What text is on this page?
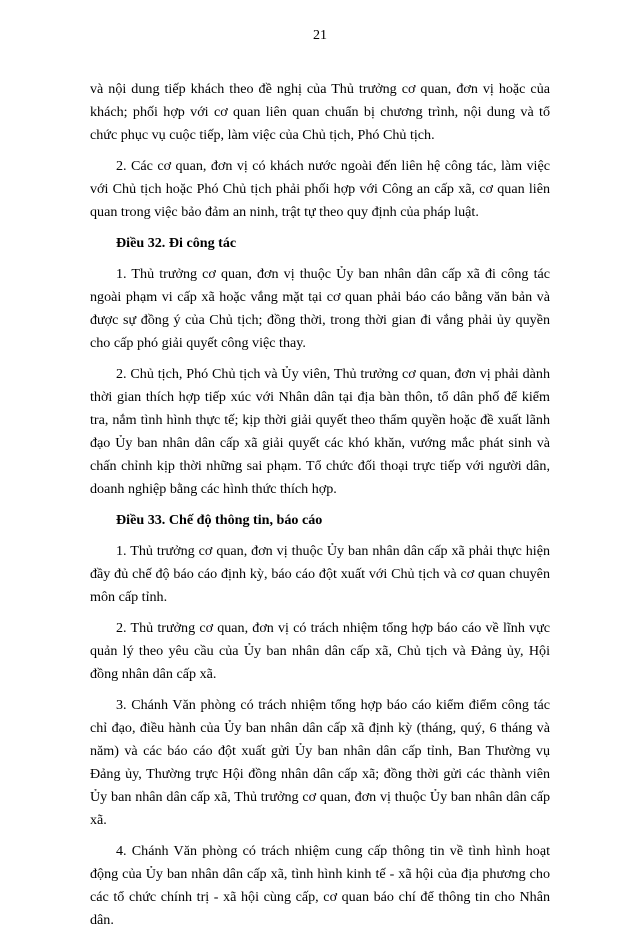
21

và nội dung tiếp khách theo đề nghị của Thủ trưởng cơ quan, đơn vị hoặc của khách; phối hợp với cơ quan liên quan chuẩn bị chương trình, nội dung và tổ chức phục vụ cuộc tiếp, làm việc của Chủ tịch, Phó Chủ tịch.

2. Các cơ quan, đơn vị có khách nước ngoài đến liên hệ công tác, làm việc với Chủ tịch hoặc Phó Chủ tịch phải phối hợp với Công an cấp xã, cơ quan liên quan trong việc bảo đảm an ninh, trật tự theo quy định của pháp luật.

Điều 32. Đi công tác

1. Thủ trưởng cơ quan, đơn vị thuộc Ủy ban nhân dân cấp xã đi công tác ngoài phạm vi cấp xã hoặc vắng mặt tại cơ quan phải báo cáo bằng văn bản và được sự đồng ý của Chủ tịch; đồng thời, trong thời gian đi vắng phải ủy quyền cho cấp phó giải quyết công việc thay.

2. Chủ tịch, Phó Chủ tịch và Ủy viên, Thủ trưởng cơ quan, đơn vị phải dành thời gian thích hợp tiếp xúc với Nhân dân tại địa bàn thôn, tổ dân phố để kiểm tra, nắm tình hình thực tế; kịp thời giải quyết theo thẩm quyền hoặc đề xuất lãnh đạo Ủy ban nhân dân cấp xã giải quyết các khó khăn, vướng mắc phát sinh và chấn chỉnh kịp thời những sai phạm. Tổ chức đối thoại trực tiếp với người dân, doanh nghiệp bằng các hình thức thích hợp.

Điều 33. Chế độ thông tin, báo cáo

1. Thủ trưởng cơ quan, đơn vị thuộc Ủy ban nhân dân cấp xã phải thực hiện đầy đủ chế độ báo cáo định kỳ, báo cáo đột xuất với Chủ tịch và cơ quan chuyên môn cấp tỉnh.

2. Thủ trưởng cơ quan, đơn vị có trách nhiệm tổng hợp báo cáo về lĩnh vực quản lý theo yêu cầu của Ủy ban nhân dân cấp xã, Chủ tịch và Đảng ủy, Hội đồng nhân dân cấp xã.

3. Chánh Văn phòng có trách nhiệm tổng hợp báo cáo kiểm điểm công tác chỉ đạo, điều hành của Ủy ban nhân dân cấp xã định kỳ (tháng, quý, 6 tháng và năm) và các báo cáo đột xuất gửi Ủy ban nhân dân cấp tỉnh, Ban Thường vụ Đảng ủy, Thường trực Hội đồng nhân dân cấp xã; đồng thời gửi các thành viên Ủy ban nhân dân cấp xã, Thủ trưởng cơ quan, đơn vị thuộc Ủy ban nhân dân cấp xã.

4. Chánh Văn phòng có trách nhiệm cung cấp thông tin về tình hình hoạt động của Ủy ban nhân dân cấp xã, tình hình kinh tế - xã hội của địa phương cho các tổ chức chính trị - xã hội cùng cấp, cơ quan báo chí để thông tin cho Nhân dân.
